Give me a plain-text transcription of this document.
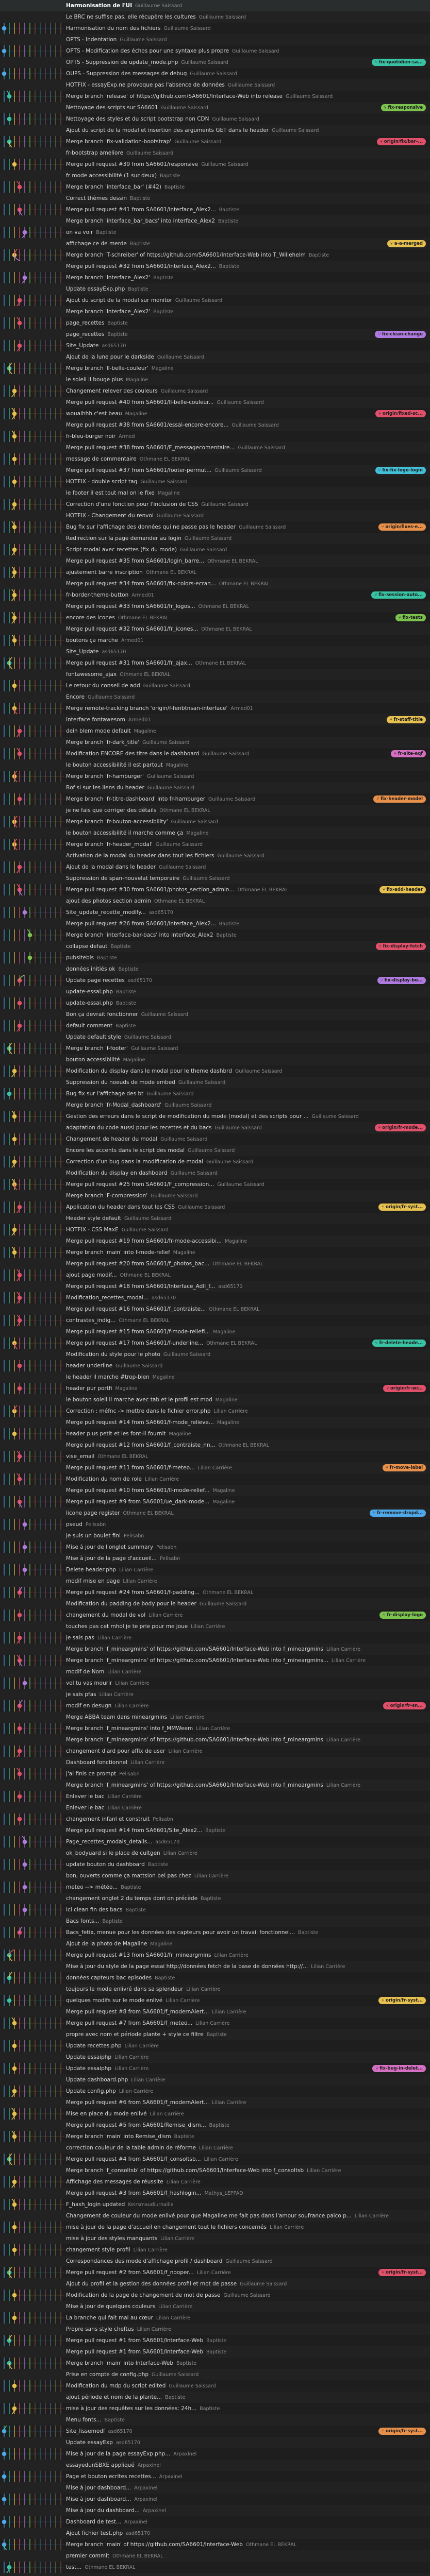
Harmonisation de l'UI Guillaume Saissard
Le BRC ne suffise pas, elle récupère les cultures Guillaume Saissard
Harmonisation du nom des fichiers Guillaume Saissard
OPTS - Indentation Guillaume Saissard
OPTS - Modification des échos pour une syntaxe plus propre Guillaume Saissard
OPTS - Suppression de update_mode.php Guillaume Saissard
OUPS - Suppression des messages de debug Guillaume Saissard
HOTFIX - essayExp.ne provoque pas l'absence de données Guillaume Saissard
Merge branch 'release' of https://github.com/SA6601/Interface-Web into release Guillaume Saissard
Nettoyage des scripts sur SA6601 Guillaume Saissard
Nettoyage des styles et du script bootstrap non CDN Guillaume Saissard
Ajout du script de la modal et insertion des arguments GET dans le header Guillaume Saissard
Merge branch 'fix-validation-bootstrap' Guillaume Saissard
fr-bootstrap ameliore Guillaume Saissard
Merge pull request #39 from SA6601/responsive Guillaume Saissard
fr mode accessibilité (1 sur deux) Baptiste
Merge branch 'interface_bar' (#42) Baptiste
Correct thèmes dessin Baptiste
Merge pull request #41 from SA6601/interface_Alex2... Baptiste
Merge branch 'interface_bar_bacs' into interface_Alex2 Baptiste
on va voir Baptiste
affichage ce de merde Baptiste
Merge branch 'T-schreiber' of https://github.com/SA6601/Interface-Web into T_Willeheim Baptiste
Merge pull request #32 from SA6601/interface_Alex2... Baptiste
Merge branch 'Interface_Alex2' Baptiste
Update essayExp.php Baptiste
Ajout du script de la modal sur monitor Guillaume Saissard
Merge branch 'Interface_Alex2' Baptiste
page_recettes Baptiste
page_recettes Baptiste
Site_Update asd65170
Ajout de la lune pour le darkside Guillaume Saissard
Merge branch 'll-belle-couleur' Magaline
le soleil il bouge plus Magaline
Changement relever des couleurs Guillaume Saissard
Merge pull request #40 from SA6601/ll-belle-couleur... Guillaume Saissard
woualhhh c'est beau Magaline
Merge pull request #38 from SA6601/essai-encore-encore... Guillaume Saissard
fr-bleu-burger noir Armed
Merge pull request #38 from SA6601/F_messagecomentaire... Guillaume Saissard
message de commentaire Othmane EL BEKRAL
Merge pull request #37 from SA6601/footer-permut... Guillaume Saissard
HOTFIX - double script tag Guillaume Saissard
le footer il est tout mal on le fixe Magaline
Correction d'une fonction pour l'inclusion de CSS Guillaume Saissard
HOTFIX - Changement du renvoi Guillaume Saissard
Bug fix sur l'affichage des données qui ne passe pas le header Guillaume Saissard
Redirection sur la page demander au login Guillaume Saissard
Script modal avec recettes (fix du mode) Guillaume Saissard
Merge pull request #35 from SA6601/login_barre... Othmane EL BEKRAL
ajustement barre inscription Othmane EL BEKRAL
Merge pull request #34 from SA6601/fix-colors-ecran... Othmane EL BEKRAL
fr-border-theme-button Armed01
Merge pull request #33 from SA6601/fr_logos... Othmane EL BEKRAL
encore des icones Othmane EL BEKRAL
Merge pull request #32 from SA6601/fr_icones... Othmane EL BEKRAL
boutons ça marche Armed01
Site_Update asd65170
Merge pull request #31 from SA6601/fr_ajax... Othmane EL BEKRAL
fontawesome_ajax Othmane EL BEKRAL
Le retour du conseil de add Guillaume Saissard
Encore Guillaume Saissard
Merge remote-tracking branch 'origin/f-fenbtnsan-interface' Armed01
Interface fontawesom Armed01
dein blem mode default Magaline
Merge branch 'fr-dark_title' Guillaume Saissard
Modification ENCORE des titre dans le dashboard Guillaume Saissard
le bouton accessibilité il est partout Magaline
Merge branch 'fr-hamburger' Guillaume Saissard
Bof si sur les liens du header Guillaume Saissard
Merge branch 'fr-titre-dashboard' into fr-hamburger Guillaume Saissard
je ne fais que corriger des détails Othmane EL BEKRAL
Merge branch 'fr-bouton-accessibility' Guillaume Saissard
le bouton accessibilité il marche comme ça Magaline
Merge branch 'fr-header_modal' Guillaume Saissard
Activation de la modal du header dans tout les fichiers Guillaume Saissard
Ajout de la modal dans le header Guillaume Saissard
Suppression de span-nouvelat temporaire Guillaume Saissard
Merge pull request #30 from SA6601/photos_section_admin... Othmane EL BEKRAL
ajout des photos section admin Othmane EL BEKRAL
Site_update_recette_modify... asd65170
Merge pull request #26 from SA6601/interface_Alex2... Baptiste
Merge branch 'interface-bar-bacs' into Interface_Alex2 Baptiste
collapse defaut Baptiste
pubsitebis Baptiste
données initiés ok Baptiste
Update page recettes asd65170
update-essai.php Baptiste
update-essai.php Baptiste
Bon ça devrait fonctionner Guillaume Saissard
default comment Baptiste
Update default style Guillaume Saissard
Merge branch 'f-footer' Guillaume Saissard
bouton accessibilité Magaline
Modification du display dans le modal pour le theme dashbrd Guillaume Saissard
Suppression du noeuds de mode embed Guillaume Saissard
Bug fix sur l'affichage des bt Guillaume Saissard
Merge branch 'fr-Modal_dashboard' Guillaume Saissard
Gestion des erreurs dans le script de modification du mode (modal) et des scripts pour ... Guillaume Saissard
adaptation du code aussi pour les recettes et du bacs Guillaume Saissard
Changement de header du modal Guillaume Saissard
Encore les accents dans le script des modal Guillaume Saissard
Correction d'un bug dans la modification de modal Guillaume Saissard
Modification du display en dashboard Guillaume Saissard
Merge pull request #25 from SA6601/F_compression... Guillaume Saissard
Merge branch 'F-compression' Guillaume Saissard
Application du header dans tout les CSS Guillaume Saissard
Header style default Guillaume Saissard
HOTFIX - CSS MaxE Guillaume Saissard
Merge pull request #19 from SA6601/fr-mode-accessibi... Magaline
Merge branch 'main' into f-mode-relief Magaline
Merge pull request #20 from SA6601/f_photos_bac... Othmane EL BEKRAL
ajout page modif... Othmane EL BEKRAL
Merge pull request #18 from SA6601/Interface_Adll_f... asd65170
Modification_recettes_modal... asd65170
Merge pull request #16 from SA6601/f_contraiste... Othmane EL BEKRAL
contrastes_indig... Othmane EL BEKRAL
Merge pull request #15 from SA6601/f-mode-reliefi... Magaline
Merge pull request #17 from SA6601/f-underline... Othmane EL BEKRAL
Modification du style pour le photo Guillaume Saissard
header underline Guillaume Saissard
le header il marche #trop-bien Magaline
header pur portfi Magaline
le bouton soleil il marche avec tab et le profil est mod Magaline
Correction : méfnc -> mettre dans le fichier error.php Lilian Carrière
Merge pull request #14 from SA6601/f-mode_relieve... Magaline
header plus petit et les font-il fournit Magaline
Merge pull request #12 from SA6601/f_contraiste_nn... Othmane EL BEKRAL
vise_email Othmane EL BEKRAL
Merge pull request #11 from SA6601/f-meteo... Lilian Carrière
Modification du nom de role Lilian Carrière
Merge pull request #10 from SA6601/ll-mode-relief... Magaline
Merge pull request #9 from SA6601/ue_dark-mode... Magaline
licone page register Othmane EL BEKRAL
pseud Pelisabn
je suis un boulet fini Pelisabn
Mise à jour de l'onglet summary Pelisabn
Mise à jour de la page d'accueil... Pelisabn
Delete header.php Lilian Carrière
modif mise en page Lilian Carrière
Merge pull request #24 from SA6601/f-padding... Othmane EL BEKRAL
Modification du padding de body pour le header Guillaume Saissard
changement du modal de vol Lilian Carrière
touches pas cet mhol je te prie pour me joue Lilian Carrière
je sais pas Lilian Carrière
Merge branch 'f_mineargmins' of https://github.com/SA6601/Interface-Web into f_mineargmins Lilian Carrière
Merge branch 'f_mineargmins' of https://github.com/SA6601/Interface-Web into f_mineargmins... Lilian Carrière
modif de Nom Lilian Carrière
vol tu vas mourir Lilian Carrière
je sais pfas Lilian Carrière
modif en desugn Lilian Carrière
Merge ABBA team dans mineargmins Lilian Carrière
Merge branch 'f_mineargmins' into f_MMWeem Lilian Carrière
Merge branch 'f_mineargmins' of https://github.com/SA6601/Interface-Web into f_mineargmins Lilian Carrière
changement d'ard pour affix de user Lilian Carrière
Dashboard fonctionnel Lilian Carrière
j'ai finis ce prompt Pelisabn
Merge branch 'f_mineargmins' of https://github.com/SA6601/Interface-Web into f_mineargmins Lilian Carrière
Enlever le bac Lilian Carrière
Enlever le bac Lilian Carrière
changement infanl et construit Pelisabn
Merge pull request #14 from SA6601/Site_Alex2... Baptiste
Page_recettes_modals_details... asd65170
ok_bodyuard si le place de cultgen Lilian Carrière
update bouton du dashboard Baptiste
bon, ouverts comme ça mattsion bel pas chez Lilian Carrière
meteo --> météo... Baptiste
changement onglet 2 du temps dont on précède Baptiste
Ici clean fin des bacs Baptiste
Bacs fonts... Baptiste
Bacs_fetix, menue pour les données des capteurs pour avoir un travail fonctionnel... Baptiste
Ajout de la photo de Magaline Magaline
Merge pull request #13 from SA6601/fr_mineargmins Lilian Carrière
Mise à jour du style de la page essai http://données fetch de la base de données http://... Lilian Carrière
données capteurs bac episodes Baptiste
toujours le mode enlivré dans sa splendeur Lilian Carrière
quelques modifs sur le mode enlivé Lilian Carrière
Merge pull request #8 from SA6601/f_modernAlert... Lilian Carrière
Merge pull request #7 from SA6601/f_meteo... Lilian Carrière
propre avec nom et période plante + style ce filtre Baptiste
Update recettes.php Lilian Carrière
Update essaiphp Lilian Carrière
Update essaiphp Lilian Carrière
Update dashboard.php Lilian Carrière
Update config.php Lilian Carrière
Merge pull request #6 from SA6601/f_modernAlert... Lilian Carrière
Mise en place du mode enlivé Lilian Carrière
Merge pull request #5 from SA6601/Remise_dism... Baptiste
Merge branch 'main' into Remise_dism Baptiste
correction couleur de la table admin de réforme Lilian Carrière
Merge pull request #4 from SA6601/f_consoltsb... Lilian Carrière
Merge branch 'f_consoltsb' of https://github.com/SA6601/Interface-Web into f_consoltsb Lilian Carrière
Affichage des messages de réussite Lilian Carrière
Merge pull request #3 from SA6601/f_hashlogin... Mathys_LEPPAD
F_hash_login updated Keirsmaudiurnaille
Changement de couleur du mode enlivé pour que Magaline me fait pas dans l'amour soufrance paico p... Lilian Carrière
mise à jour de la page d'accueil en changement tout le fichiers concernés Lilian Carrière
mise à jour des styles manquants Lilian Carrière
changement style profil Lilian Carrière
Correspondances des mode d'affichage profil / dashboard Guillaume Saissard
Merge pull request #2 from SA6601/f_nooper... Lilian Carrière
Ajout du profil et la gestion des données profil et mot de passe Guillaume Saissard
Modification de la page de changement de mot de passe Guillaume Saissard
Mise à jour de quelques couleurs Lilian Carrière
La branche qui fait mal au cœur Lilian Carrière
Propre sans style cheftus Lilian Carrière
Merge pull request #1 from SA6601/Interface-Web Baptiste
Merge pull request #1 from SA6601/Interface-Web Baptiste
Merge branch 'main' into Interface-Web Baptiste
Prise en compte de config.php Guillaume Saissard
Modification du mdp du script edited Guillaume Saissard
ajout période et nom de la plante... Baptiste
mise à jour des requêtes sur les données: 24h... Baptiste
Menu fonts... Baptiste
Site_lissemodf asd65170
Update essayExp asd65170
Mise à jour de la page essayExp.php... Arpaxinel
essayedunSBXE appliqué Arpaxinel
Page et bouton ecrites recettes... Arpaxinel
Mise à jour dashboard... Arpaxinel
Mise à jour dashboard... Arpaxinel
Mise à jour du dashboard... Arpaxinel
Dashboard de test... Arpaxinel
Ajout fichier test.php asd65170
Merge branch 'main' of https://github.com/SA6601/Interface-Web Othmane EL BEKRAL
premier commit Othmane EL BEKRAL
test... Othmane EL BEKRAL
⑂ fix-quotidien-sa...
⑂ fix-responsive
⑂ origin/fix/bar-...
⑂ a-a-merged
⑂ fix-clean-change
⑂ origin/fixed-sc...
⑂ fix-fix-logo-login
⑂ origin/fixes-e...
⑂ fix-session-auto...
⑂ fix-tests
⑂ fr-staff-title
⑂ fr-site-aqf
⑂ fix-header-model
⑂ fix-add-header
⑂ fix-display-fetch
⑂ fix-display-bo...
⑂ origin/fr-mode...
⑂ origin/fr-syst...
⑂ fr-delete-heade...
⑂ origin/fr-wr...
⑂ fr-move-label
⑂ fr-remove-dropd...
⑂ fr-display-logo
⑂ origin/fr-sn...
⑂ origin/fr-syst...
⑂ fix-bug-in-delet...
⑂ origin/fr-syst...
⑂ origin/fr-syst...
